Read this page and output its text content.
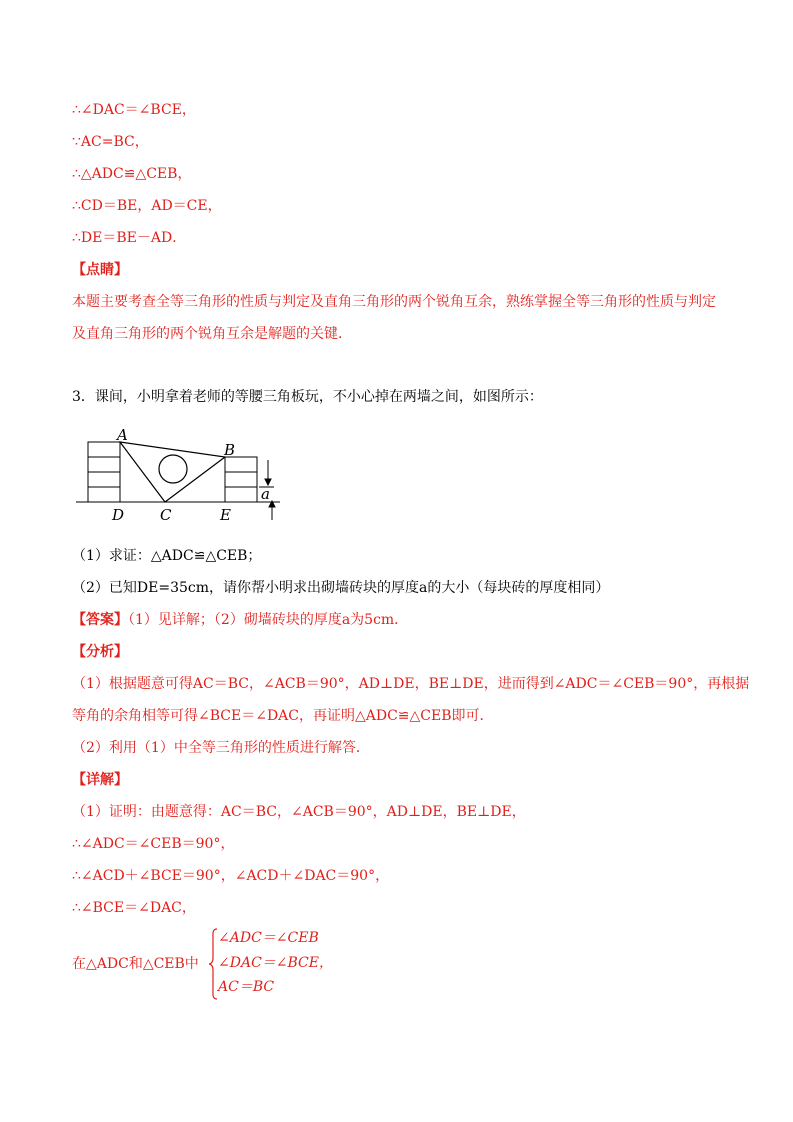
∴∠DAC＝∠BCE，
∵AC=BC，
∴△ADC≌△CEB，
∴CD＝BE，AD＝CE，
∴DE＝BE－AD．
【点睛】
本题主要考查全等三角形的性质与判定及直角三角形的两个锐角互余，熟练掌握全等三角形的性质与判定
及直角三角形的两个锐角互余是解题的关键．
3．课间，小明拿着老师的等腰三角板玩，不小心掉在两墙之间，如图所示：
A
B
C
D	E
a
（1）求证：△ADC≌△CEB；
（2）已知DE=35cm，请你帮小明求出砌墙砖块的厚度a的大小（每块砖的厚度相同）
【答案】（1）见详解；（2）砌墙砖块的厚度a为5cm．
【分析】
（1）根据题意可得AC＝BC，∠ACB＝90°，AD⊥DE，BE⊥DE，进而得到∠ADC＝∠CEB＝90°，再根据
等角的余角相等可得∠BCE＝∠DAC，再证明△ADC≌△CEB即可．
（2）利用（1）中全等三角形的性质进行解答．
【详解】
（1）证明：由题意得：AC＝BC，∠ACB＝90°，AD⊥DE，BE⊥DE，
∴∠ADC＝∠CEB＝90°，
∴∠ACD＋∠BCE＝90°，∠ACD＋∠DAC＝90°，
∴∠BCE＝∠DAC，
在△ADC和△CEB中
∠ADC＝∠CEB
∠DAC＝∠BCE，
AC＝BC
